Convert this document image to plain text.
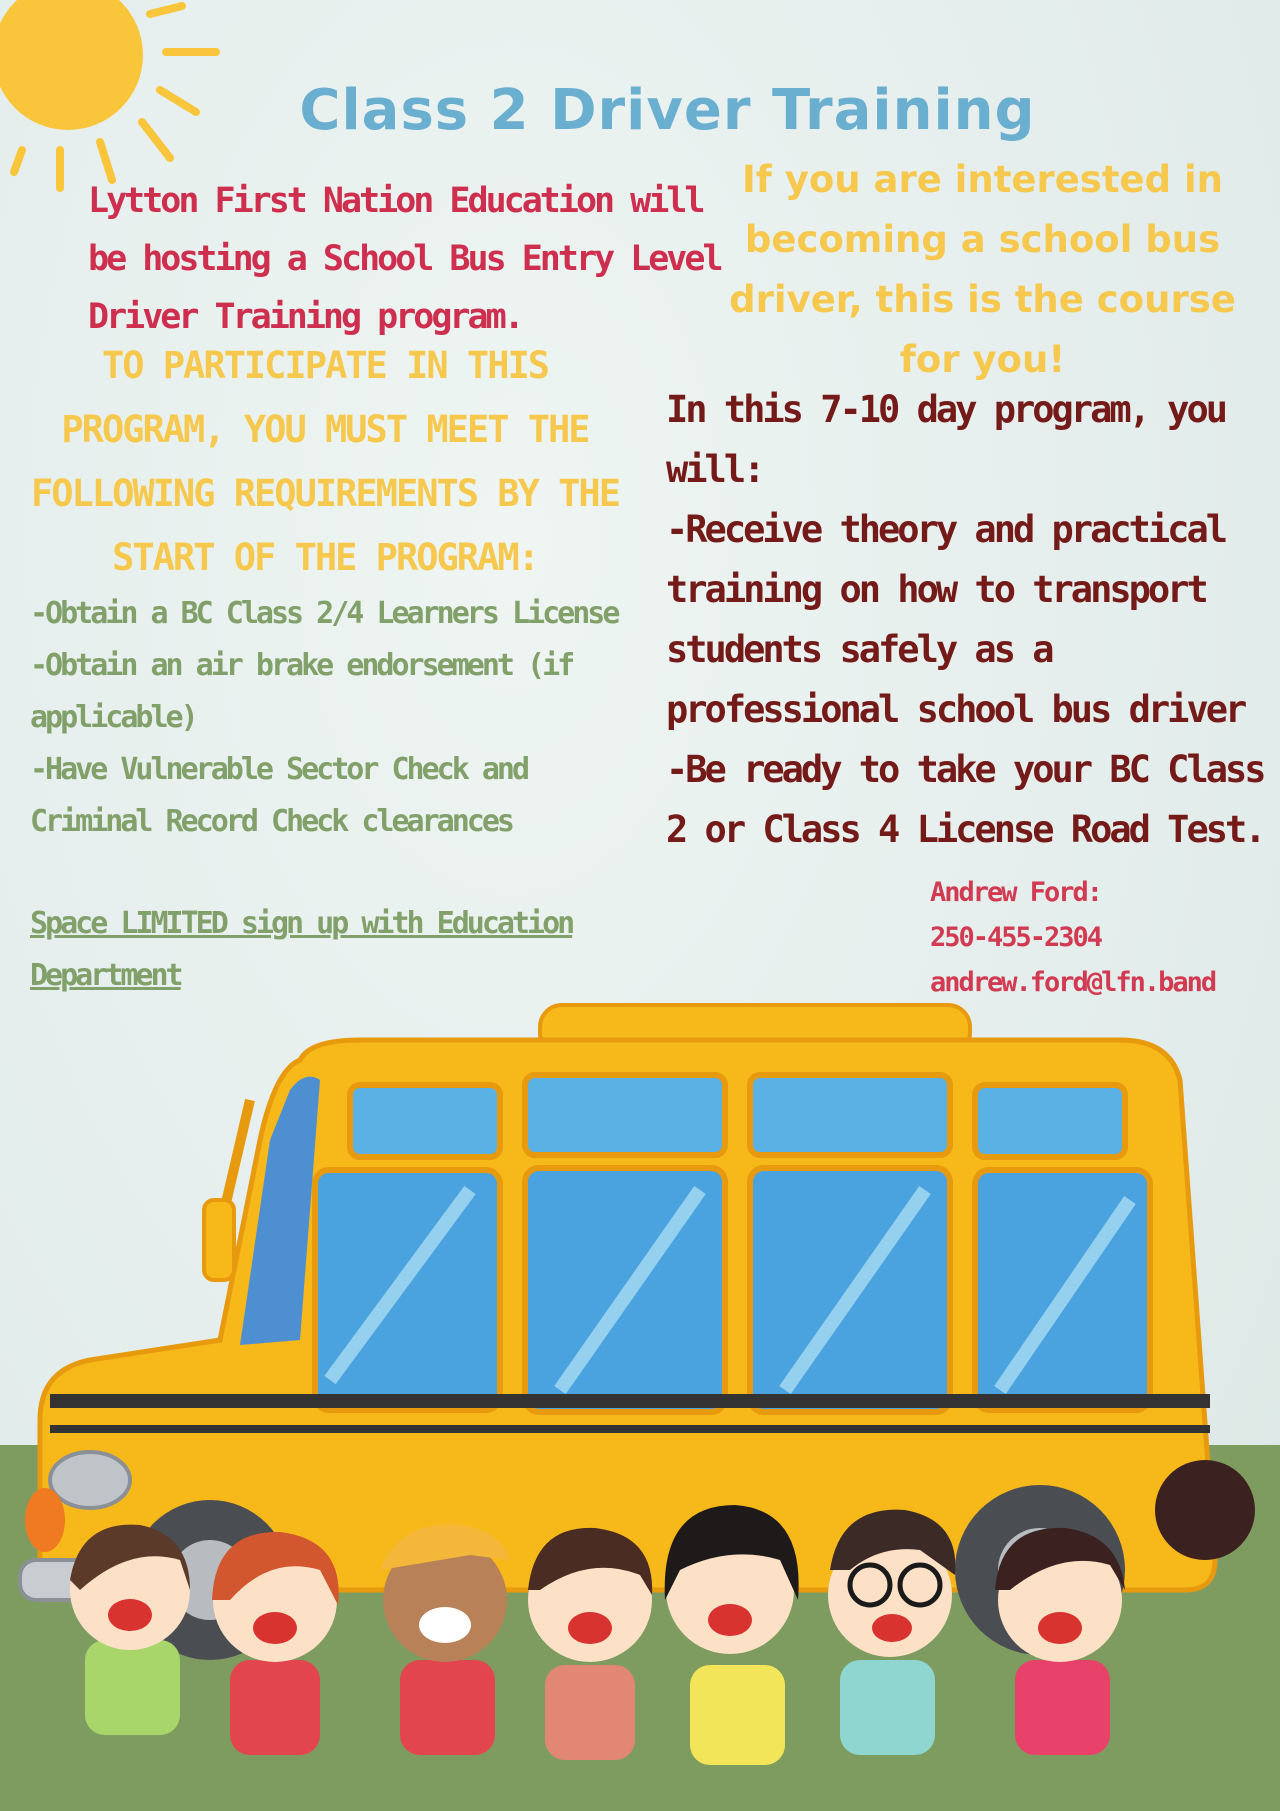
Class 2 Driver Training

Lytton First Nation Education will be hosting a School Bus Entry Level Driver Training program.

If you are interested in becoming a school bus driver, this is the course for you!

TO PARTICIPATE IN THIS PROGRAM, YOU MUST MEET THE FOLLOWING REQUIREMENTS BY THE START OF THE PROGRAM:

-Obtain a BC Class 2/4 Learners License
-Obtain an air brake endorsement (if applicable)
-Have Vulnerable Sector Check and Criminal Record Check clearances
Space LIMITED sign up with Education Department
In this 7-10 day program, you will:
-Receive theory and practical training on how to transport students safely as a professional school bus driver
-Be ready to take your BC Class 2 or Class 4 License Road Test.
Andrew Ford:
250-455-2304
andrew.ford@lfn.band
